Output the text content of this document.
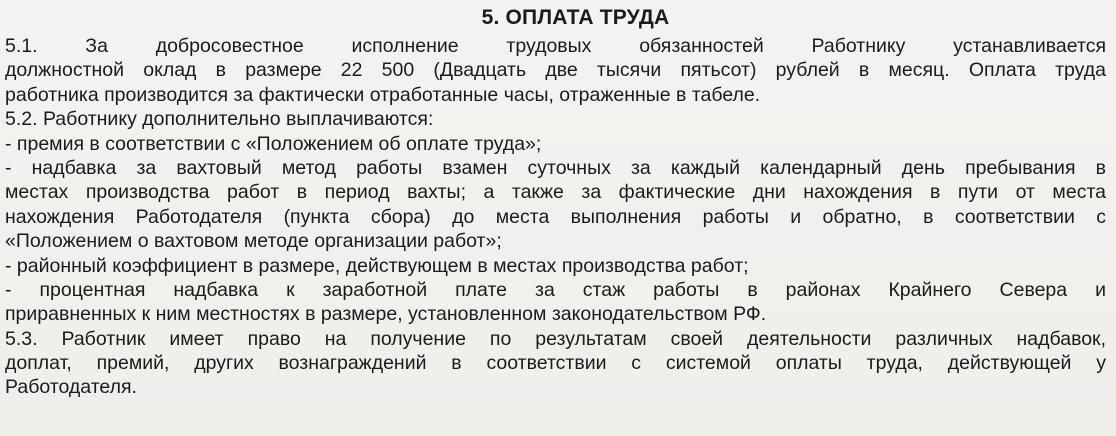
5. ОПЛАТА ТРУДА
5.1. За добросовестное исполнение трудовых обязанностей Работнику устанавливается
должностной оклад в размере 22 500 (Двадцать две тысячи пятьсот) рублей в месяц. Оплата труда
работника производится за фактически отработанные часы, отраженные в табеле.
5.2. Работнику дополнительно выплачиваются:
- премия в соответствии с «Положением об оплате труда»;
- надбавка за вахтовый метод работы взамен суточных за каждый календарный день пребывания в
местах производства работ в период вахты; а также за фактические дни нахождения в пути от места
нахождения Работодателя (пункта сбора) до места выполнения работы и обратно, в соответствии с
«Положением о вахтовом методе организации работ»;
- районный коэффициент в размере, действующем в местах производства работ;
- процентная надбавка к заработной плате за стаж работы в районах Крайнего Севера и
приравненных к ним местностях в размере, установленном законодательством РФ.
5.3. Работник имеет право на получение по результатам своей деятельности различных надбавок,
доплат, премий, других вознаграждений в соответствии с системой оплаты труда, действующей у
Работодателя.
